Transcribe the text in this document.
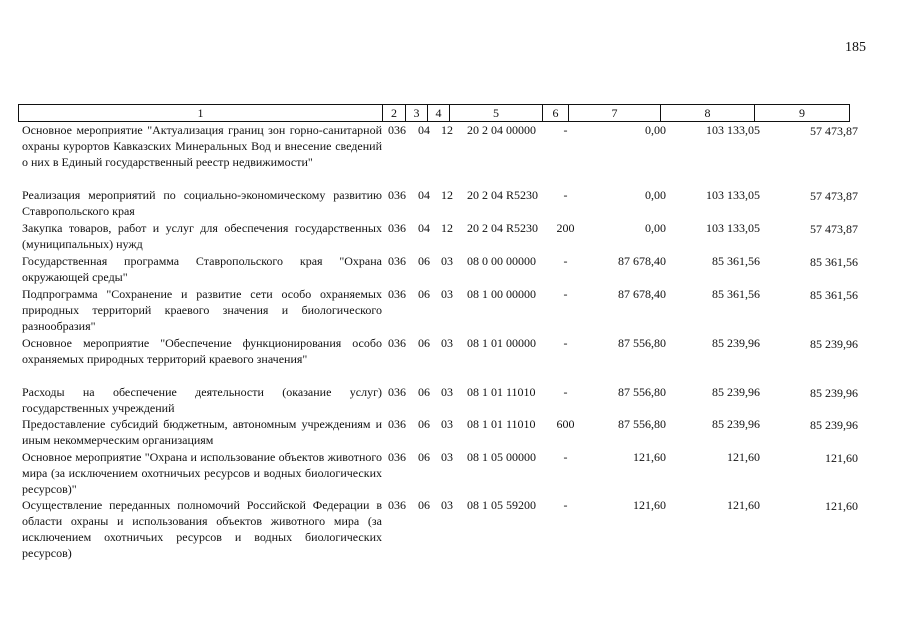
185
1	2	3	4	5	6	7	8	9
Основное мероприятие "Актуализация границ зон горно-санитарной охраны курортов Кавказских Минеральных Вод и внесение сведений о них в Единый государственный реестр недвижимости"
036	04 12	20 2 04 00000	-	0,00	103 133,05	57 473,87
Реализация мероприятий по социально-экономическому развитию Ставропольского края
036	04 12	20 2 04 R5230	-	0,00	103 133,05	57 473,87
Закупка товаров, работ и услуг для обеспечения государственных (муниципальных) нужд
036	04 12	20 2 04 R5230	200	0,00	103 133,05	57 473,87
Государственная программа Ставропольского края "Охрана окружающей среды"
036	06 03	08 0 00 00000	-	87 678,40	85 361,56	85 361,56
Подпрограмма "Сохранение и развитие сети особо охраняемых природных территорий краевого значения и биологического разнообразия"
036	06 03	08 1 00 00000	-	87 678,40	85 361,56	85 361,56
Основное мероприятие "Обеспечение функционирования особо охраняемых природных территорий краевого значения"
036	06 03	08 1 01 00000	-	87 556,80	85 239,96	85 239,96
Расходы на обеспечение деятельности (оказание услуг) государственных учреждений
036	06 03	08 1 01 11010	-	87 556,80	85 239,96	85 239,96
Предоставление субсидий бюджетным, автономным учреждениям и иным некоммерческим организациям
036	06 03	08 1 01 11010	600	87 556,80	85 239,96	85 239,96
Основное мероприятие "Охрана и использование объектов животного мира (за исключением охотничьих ресурсов и водных биологических ресурсов)"
036	06 03	08 1 05 00000	-	121,60	121,60	121,60
Осуществление переданных полномочий Российской Федерации в области охраны и использования объектов животного мира (за исключением охотничьих ресурсов и водных биологических ресурсов)
036	06 03	08 1 05 59200	-	121,60	121,60	121,60
